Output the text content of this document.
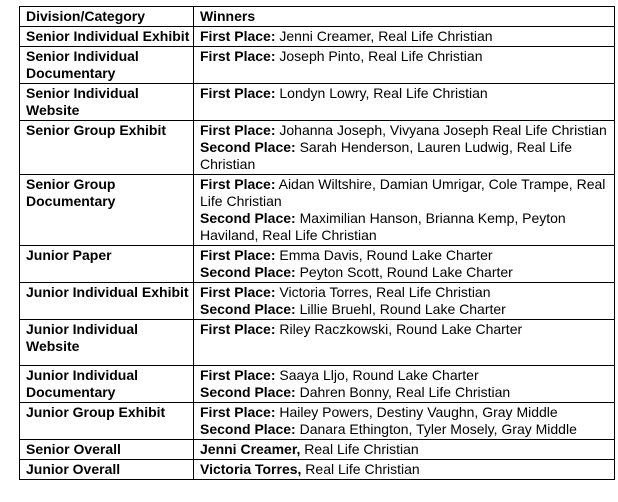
Division/Category	Winners
Senior Individual Exhibit	First Place: Jenni Creamer, Real Life Christian

Senior Individual Documentary	First Place: Joseph Pinto, Real Life Christian

Senior Individual Website	First Place: Londyn Lowry, Real Life Christian

Senior Group Exhibit	First Place: Johanna Joseph, Vivyana Joseph Real Life Christian
Second Place: Sarah Henderson, Lauren Ludwig, Real Life Christian

Senior Group Documentary	First Place: Aidan Wiltshire, Damian Umrigar, Cole Trampe, Real Life Christian
Second Place: Maximilian Hanson, Brianna Kemp, Peyton Haviland, Real Life Christian

Junior Paper	First Place: Emma Davis, Round Lake Charter
Second Place: Peyton Scott, Round Lake Charter

Junior Individual Exhibit	First Place: Victoria Torres, Real Life Christian
Second Place: Lillie Bruehl, Round Lake Charter

Junior Individual Website	First Place: Riley Raczkowski, Round Lake Charter

Junior Individual Documentary	First Place: Saaya Lljo, Round Lake Charter
Second Place: Dahren Bonny, Real Life Christian

Junior Group Exhibit	First Place: Hailey Powers, Destiny Vaughn, Gray Middle
Second Place: Danara Ethington, Tyler Mosely, Gray Middle

Senior Overall	Jenni Creamer, Real Life Christian

Junior Overall	Victoria Torres, Real Life Christian
